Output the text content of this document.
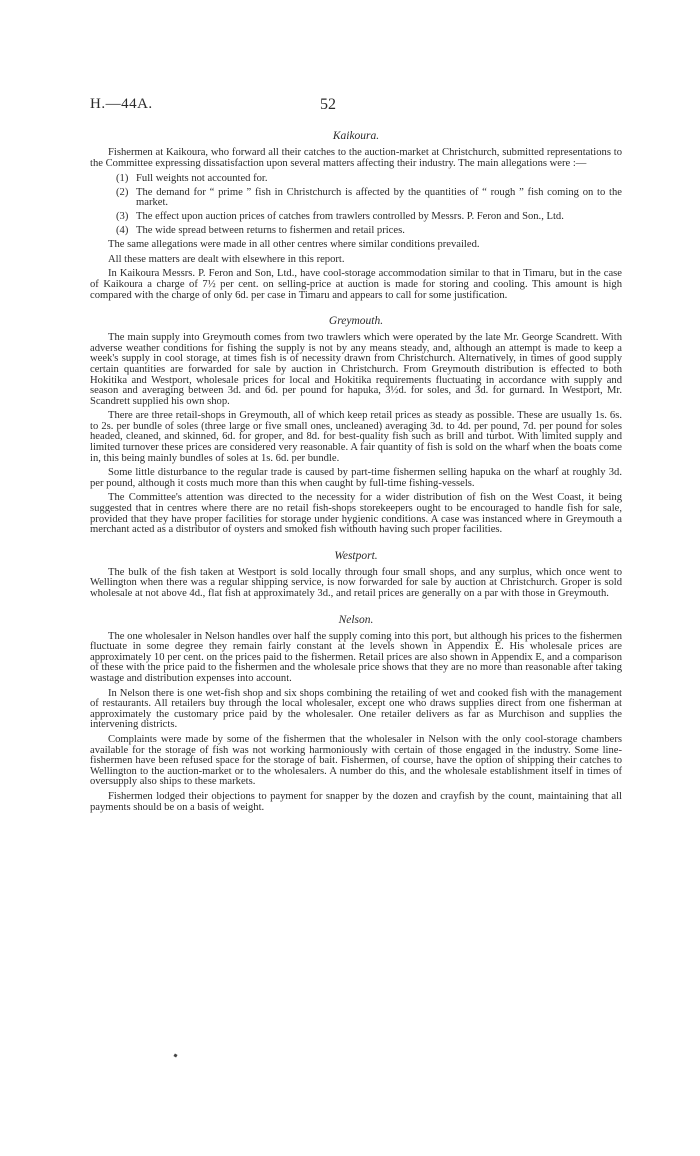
H.—44A.	52
Kaikoura.

Fishermen at Kaikoura, who forward all their catches to the auction-market at Christchurch, submitted representations to the Committee expressing dissatisfaction upon several matters affecting their industry. The main allegations were :—

(1) Full weights not accounted for.
(2) The demand for “ prime ” fish in Christchurch is affected by the quantities of “ rough ” fish coming on to the market.
(3) The effect upon auction prices of catches from trawlers controlled by Messrs. P. Feron and Son., Ltd.
(4) The wide spread between returns to fishermen and retail prices.

The same allegations were made in all other centres where similar conditions prevailed.

All these matters are dealt with elsewhere in this report.

In Kaikoura Messrs. P. Feron and Son, Ltd., have cool-storage accommodation similar to that in Timaru, but in the case of Kaikoura a charge of 7½ per cent. on selling-price at auction is made for storing and cooling. This amount is high compared with the charge of only 6d. per case in Timaru and appears to call for some justification.

Greymouth.

The main supply into Greymouth comes from two trawlers which were operated by the late Mr. George Scandrett. With adverse weather conditions for fishing the supply is not by any means steady, and, although an attempt is made to keep a week's supply in cool storage, at times fish is of necessity drawn from Christchurch. Alternatively, in times of good supply certain quantities are forwarded for sale by auction in Christchurch. From Greymouth distribution is effected to both Hokitika and Westport, wholesale prices for local and Hokitika requirements fluctuating in accordance with supply and season and averaging between 3d. and 6d. per pound for hapuka, 3½d. for soles, and 3d. for gurnard. In Westport, Mr. Scandrett supplied his own shop.

There are three retail-shops in Greymouth, all of which keep retail prices as steady as possible. These are usually 1s. 6s. to 2s. per bundle of soles (three large or five small ones, uncleaned) averaging 3d. to 4d. per pound, 7d. per pound for soles headed, cleaned, and skinned, 6d. for groper, and 8d. for best-quality fish such as brill and turbot. With limited supply and limited turnover these prices are considered very reasonable. A fair quantity of fish is sold on the wharf when the boats come in, this being mainly bundles of soles at 1s. 6d. per bundle.

Some little disturbance to the regular trade is caused by part-time fishermen selling hapuka on the wharf at roughly 3d. per pound, although it costs much more than this when caught by full-time fishing-vessels.

The Committee's attention was directed to the necessity for a wider distribution of fish on the West Coast, it being suggested that in centres where there are no retail fish-shops storekeepers ought to be encouraged to handle fish for sale, provided that they have proper facilities for storage under hygienic conditions. A case was instanced where in Greymouth a merchant acted as a distributor of oysters and smoked fish withouth having such proper facilities.

Westport.

The bulk of the fish taken at Westport is sold locally through four small shops, and any surplus, which once went to Wellington when there was a regular shipping service, is now forwarded for sale by auction at Christchurch. Groper is sold wholesale at not above 4d., flat fish at approximately 3d., and retail prices are generally on a par with those in Greymouth.

Nelson.

The one wholesaler in Nelson handles over half the supply coming into this port, but although his prices to the fishermen fluctuate in some degree they remain fairly constant at the levels shown in Appendix E. His wholesale prices are approximately 10 per cent. on the prices paid to the fishermen. Retail prices are also shown in Appendix E, and a comparison of these with the price paid to the fishermen and the wholesale price shows that they are no more than reasonable after taking wastage and distribution expenses into account.

In Nelson there is one wet-fish shop and six shops combining the retailing of wet and cooked fish with the management of restaurants. All retailers buy through the local wholesaler, except one who draws supplies direct from one fisherman at approximately the customary price paid by the wholesaler. One retailer delivers as far as Murchison and supplies the intervening districts.

Complaints were made by some of the fishermen that the wholesaler in Nelson with the only cool-storage chambers available for the storage of fish was not working harmoniously with certain of those engaged in the industry. Some line-fishermen have been refused space for the storage of bait. Fishermen, of course, have the option of shipping their catches to Wellington to the auction-market or to the wholesalers. A number do this, and the wholesale establishment itself in times of oversupply also ships to these markets.

Fishermen lodged their objections to payment for snapper by the dozen and crayfish by the count, maintaining that all payments should be on a basis of weight.
